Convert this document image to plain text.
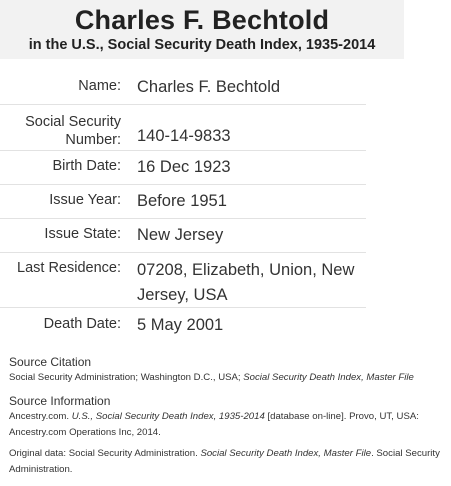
Charles F. Bechtold
in the U.S., Social Security Death Index, 1935-2014
Name: Charles F. Bechtold
Social Security Number: 140-14-9833
Birth Date: 16 Dec 1923
Issue Year: Before 1951
Issue State: New Jersey
Last Residence: 07208, Elizabeth, Union, New Jersey, USA
Death Date: 5 May 2001
Source Citation

Social Security Administration; Washington D.C., USA; Social Security Death Index, Master File

Source Information

Ancestry.com. U.S., Social Security Death Index, 1935-2014 [database on-line]. Provo, UT, USA: Ancestry.com Operations Inc, 2014.

Original data: Social Security Administration. Social Security Death Index, Master File. Social Security Administration.
